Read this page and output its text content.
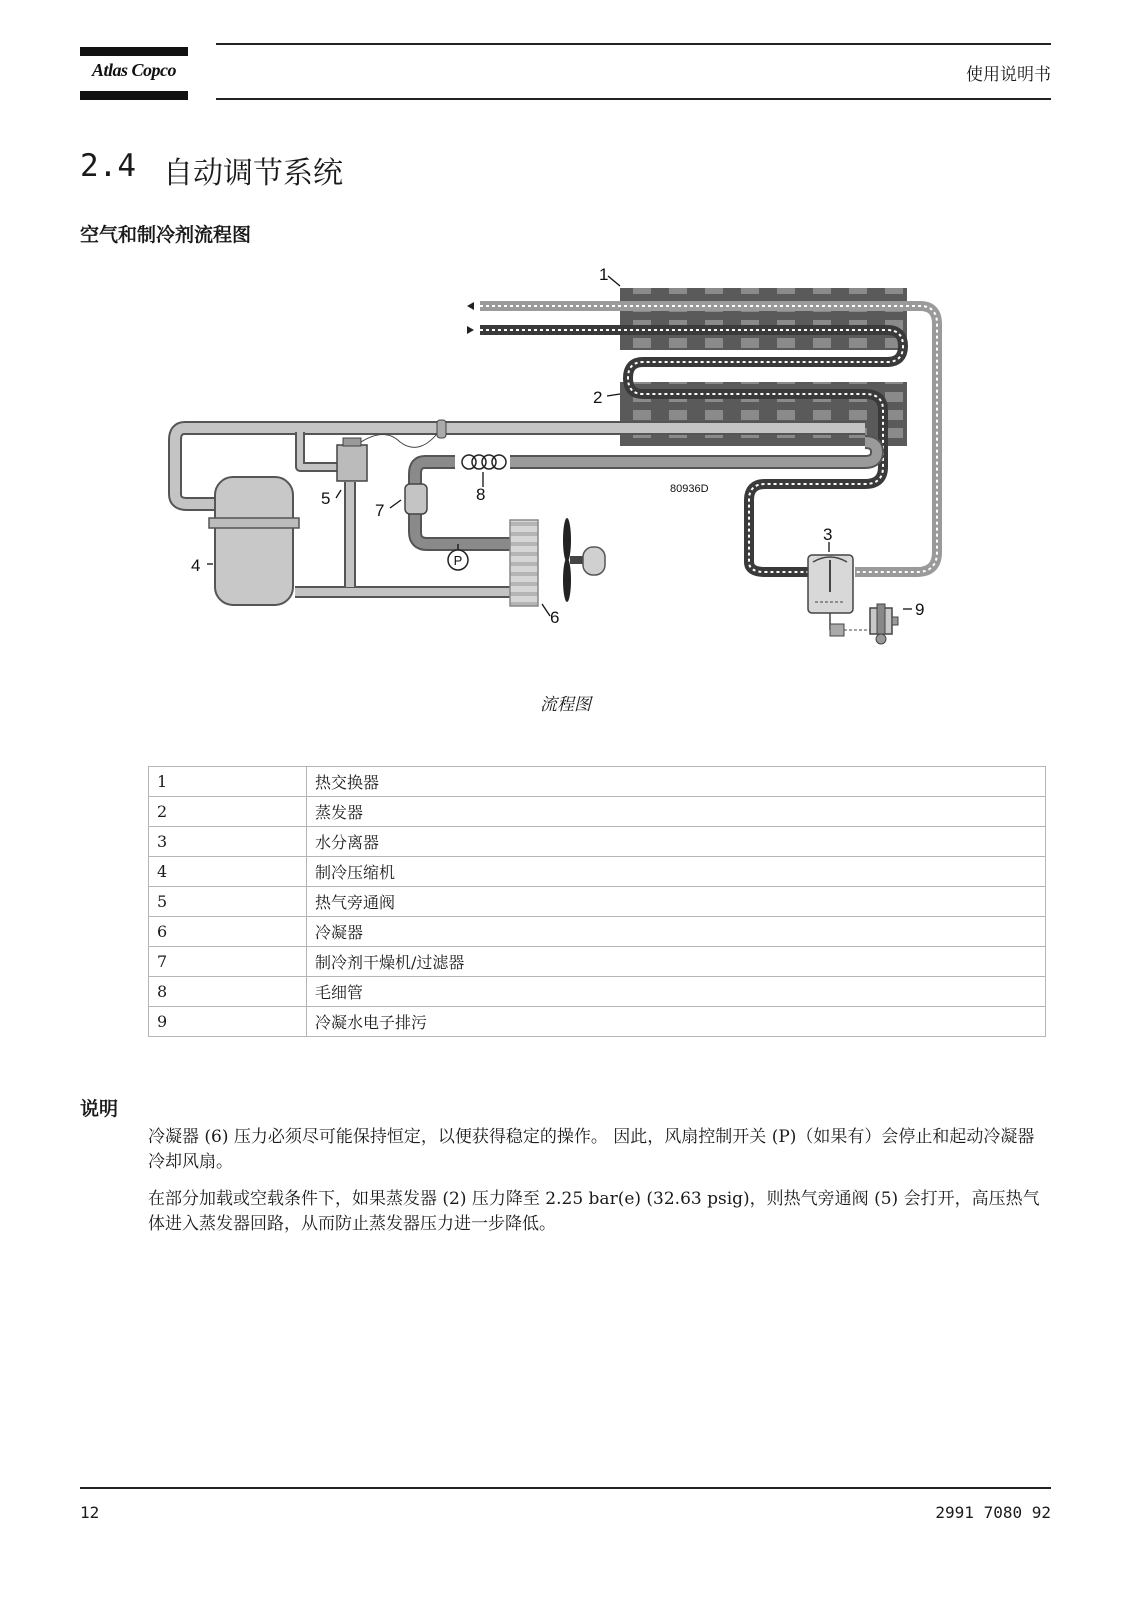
Atlas Copco	使用说明书
2.4 自动调节系统
空气和制冷剂流程图
P
1
2
3
4
5
6
7
8
9
80936D
流程图
1	热交换器
2	蒸发器
3	水分离器
4	制冷压缩机
5	热气旁通阀
6	冷凝器
7	制冷剂干燥机/过滤器
8	毛细管
9	冷凝水电子排污
说明
冷凝器 (6) 压力必须尽可能保持恒定，以便获得稳定的操作。 因此，风扇控制开关 (P)（如果有）会停止和起动冷凝器冷却风扇。
在部分加载或空载条件下，如果蒸发器 (2) 压力降至 2.25 bar(e) (32.63 psig)，则热气旁通阀 (5) 会打开，高压热气体进入蒸发器回路，从而防止蒸发器压力进一步降低。
12	2991 7080 92
